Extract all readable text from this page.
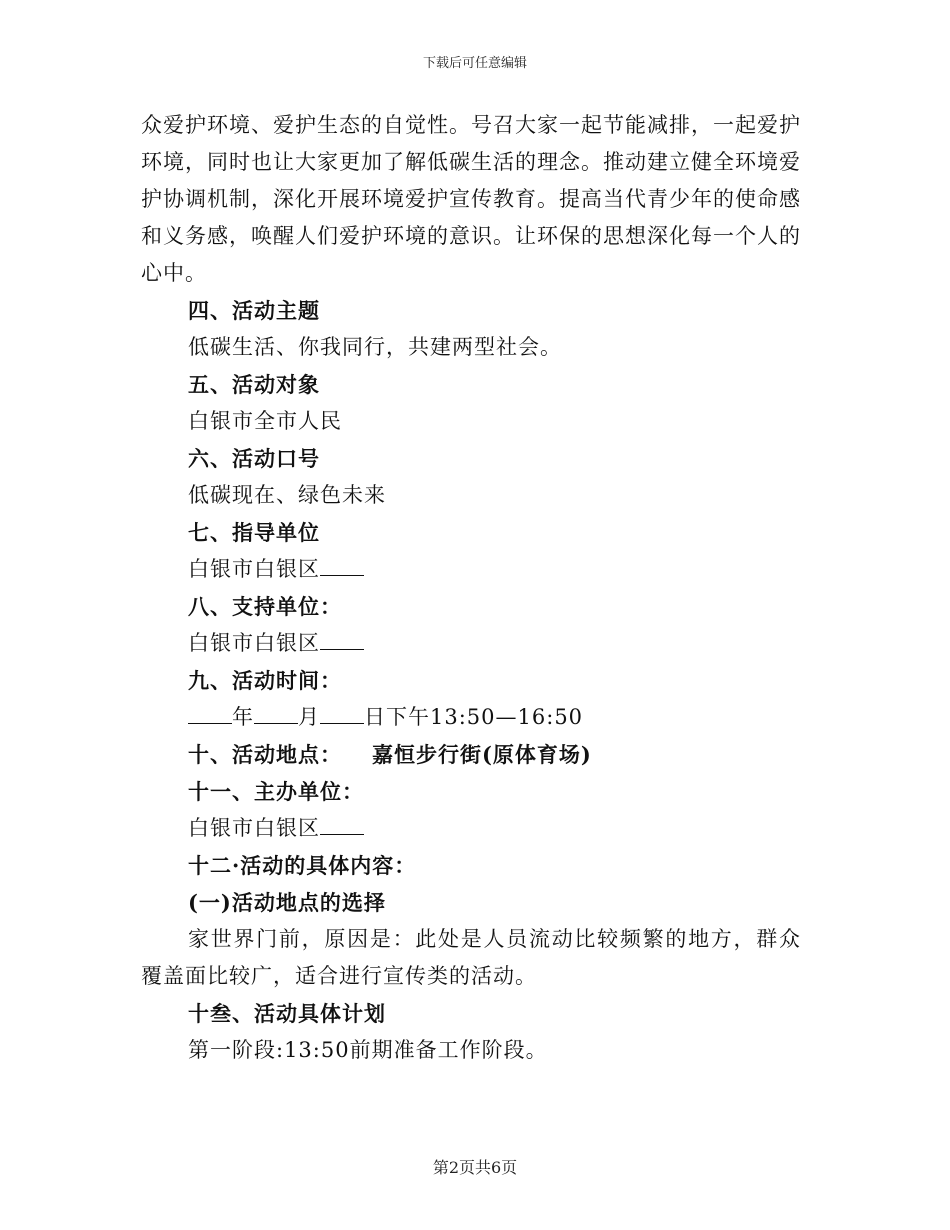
下载后可任意编辑

众爱护环境、爱护生态的自觉性。号召大家一起节能减排，一起爱护环境，同时也让大家更加了解低碳生活的理念。推动建立健全环境爱护协调机制，深化开展环境爱护宣传教育。提高当代青少年的使命感和义务感，唤醒人们爱护环境的意识。让环保的思想深化每一个人的心中。

四、活动主题
低碳生活、你我同行，共建两型社会。
五、活动对象
白银市全市人民
六、活动口号
低碳现在、绿色未来
七、指导单位
白银市白银区
八、支持单位：
白银市白银区
九、活动时间：
年 月 日下午13:50—16:50
十、活动地点： 嘉恒步行街(原体育场)
十一、主办单位：
白银市白银区
十二·活动的具体内容：
(一)活动地点的选择

家世界门前，原因是：此处是人员流动比较频繁的地方，群众覆盖面比较广，适合进行宣传类的活动。

十叁、活动具体计划
第一阶段:13:50前期准备工作阶段。
第2页共6页
